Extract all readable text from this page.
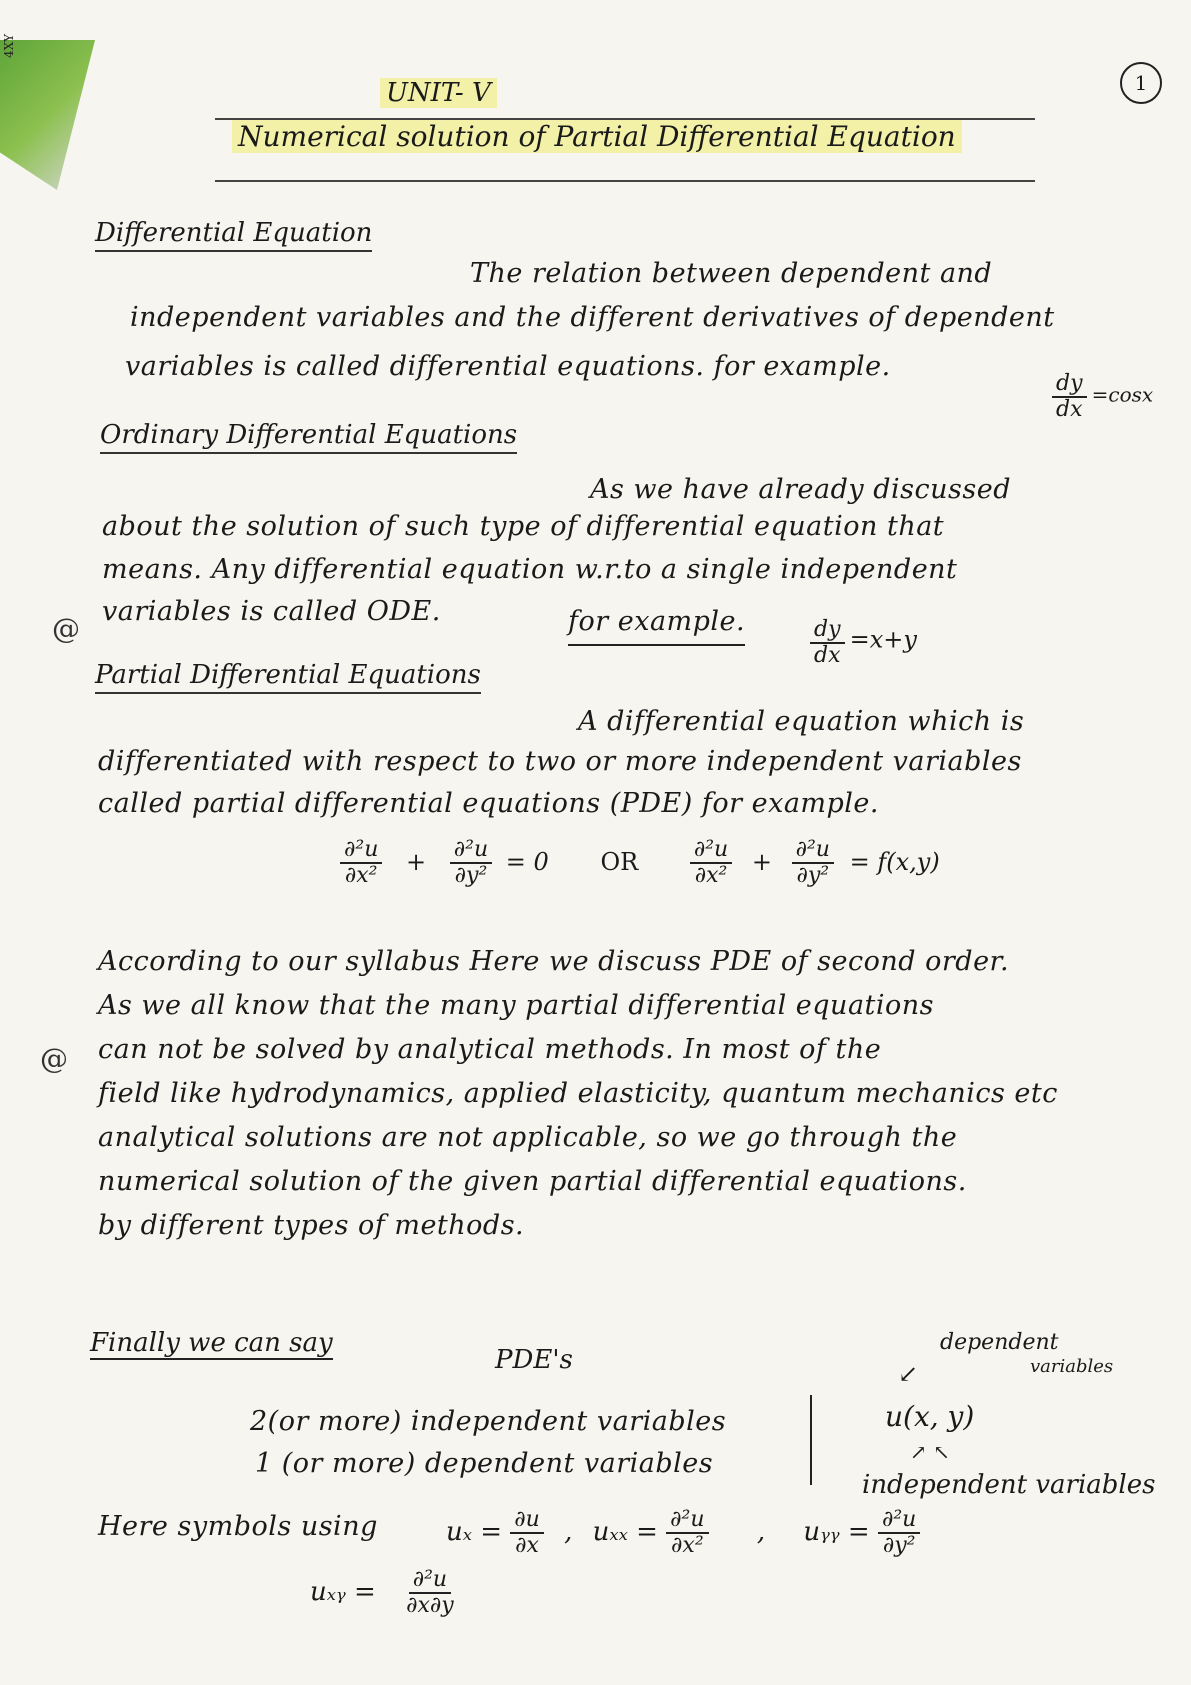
4XY
1
UNIT- V
Numerical solution of Partial Differential Equation
Differential Equation
The relation between dependent and
independent variables and the different derivatives of dependent
variables is called differential equations. for example.
$\frac{dy}{dx} =\cos x$
Ordinary Differential Equations
As we have already discussed
about the solution of such type of differential equation that
means. Any differential equation w.r.to a single independent
variables is called ODE.	for example.	$\frac{dy}{dx} =x+y$
@
Partial Differential Equations
A differential equation which is
differentiated with respect to two or more independent variables
called partial differential equations (PDE) for example.
$\frac{\text{∂²u}}{\text{∂x²}} + \frac{\text{∂²u}}{\text{∂y²}} = 0$ OR $\frac{\text{∂²u}}{\text{∂x²}} + \frac{\text{∂²u}}{\text{∂y²}} = f(x,y)$
According to our syllabus Here we discuss PDE of second order.
As we all know that the many partial differential equations
can not be solved by analytical methods. In most of the
field like hydrodynamics, applied elasticity, quantum mechanics etc
analytical solutions are not applicable, so we go through the
numerical solution of the given partial differential equations.
by different types of methods.
@
Finally we can say
PDE's
2(or more) independent variables
1 (or more) dependent variables
dependent
variables
↙
u(x, y)
↗ ↖
independent variables
Here symbols using	$u_x = \frac{\partial u}{\partial x}$ , $u_{xx} = \frac{\text{∂²u}}{\text{∂x²}}$ , uᵧᵧ = $\frac{\text{∂²u}}{\text{∂y²}}$
uₓᵧ = $\frac{\text{∂²u}}{\partial x\partial y}$
